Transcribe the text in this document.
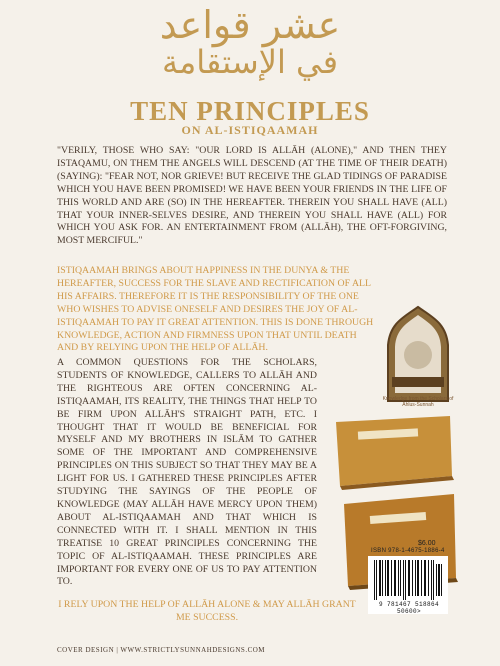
عشر قواعد
في الإستقامة
TEN PRINCIPLES
ON AL-ISTIQAAMAH
"VERILY, THOSE WHO SAY: "OUR LORD IS ALLĀH (ALONE)," AND THEN THEY ISTAQAMU, ON THEM THE ANGELS WILL DESCEND (AT THE TIME OF THEIR DEATH) (SAYING): "FEAR NOT, NOR GRIEVE! BUT RECEIVE THE GLAD TIDINGS OF PARADISE WHICH YOU HAVE BEEN PROMISED! WE HAVE BEEN YOUR FRIENDS IN THE LIFE OF THIS WORLD AND ARE (SO) IN THE HEREAFTER. THEREIN YOU SHALL HAVE (ALL) THAT YOUR INNER-SELVES DESIRE, AND THEREIN YOU SHALL HAVE (ALL) FOR WHICH YOU ASK FOR. AN ENTERTAINMENT FROM (ALLĀH), THE OFT-FORGIVING, MOST MERCIFUL."
ISTIQAAMAH BRINGS ABOUT HAPPINESS IN THE DUNYA & THE HEREAFTER, SUCCESS FOR THE SLAVE AND RECTIFICATION OF ALL HIS AFFAIRS. THEREFORE IT IS THE RESPONSIBILITY OF THE ONE WHO WISHES TO ADVISE ONESELF AND DESIRES THE JOY OF AL-ISTIQAAMAH TO PAY IT GREAT ATTENTION. THIS IS DONE THROUGH KNOWLEDGE, ACTION AND FIRMNESS UPON THAT UNTIL DEATH AND BY RELYING UPON THE HELP OF ALLĀH.
A COMMON QUESTIONS FOR THE SCHOLARS, STUDENTS OF KNOWLEDGE, CALLERS TO ALLĀH AND THE RIGHTEOUS ARE OFTEN CONCERNING AL-ISTIQAAMAH, ITS REALITY, THE THINGS THAT HELP TO BE FIRM UPON ALLĀH'S STRAIGHT PATH, ETC. I THOUGHT THAT IT WOULD BE BENEFICIAL FOR MYSELF AND MY BROTHERS IN ISLĀM TO GATHER SOME OF THE IMPORTANT AND COMPREHENSIVE PRINCIPLES ON THIS SUBJECT SO THAT THEY MAY BE A LIGHT FOR US. I GATHERED THESE PRINCIPLES AFTER STUDYING THE SAYINGS OF THE PEOPLE OF KNOWLEDGE (MAY ALLĀH HAVE MERCY UPON THEM) ABOUT AL-ISTIQAAMAH AND THAT WHICH IS CONNECTED WITH IT. I SHALL MENTION IN THIS TREATISE 10 GREAT PRINCIPLES CONCERNING THE TOPIC OF AL-ISTIQAAMAH. THESE PRINCIPLES ARE IMPORTANT FOR EVERY ONE OF US TO PAY ATTENTION TO.
Knowledge from the Scholars of Ahlus-Sunnah
$6.00
ISBN 978-1-4675-1886-4
9 781467 518864 50600>
I RELY UPON THE HELP OF ALLĀH ALONE & MAY ALLĀH GRANT ME SUCCESS.
COVER DESIGN | WWW.STRICTLYSUNNAHDESIGNS.COM
